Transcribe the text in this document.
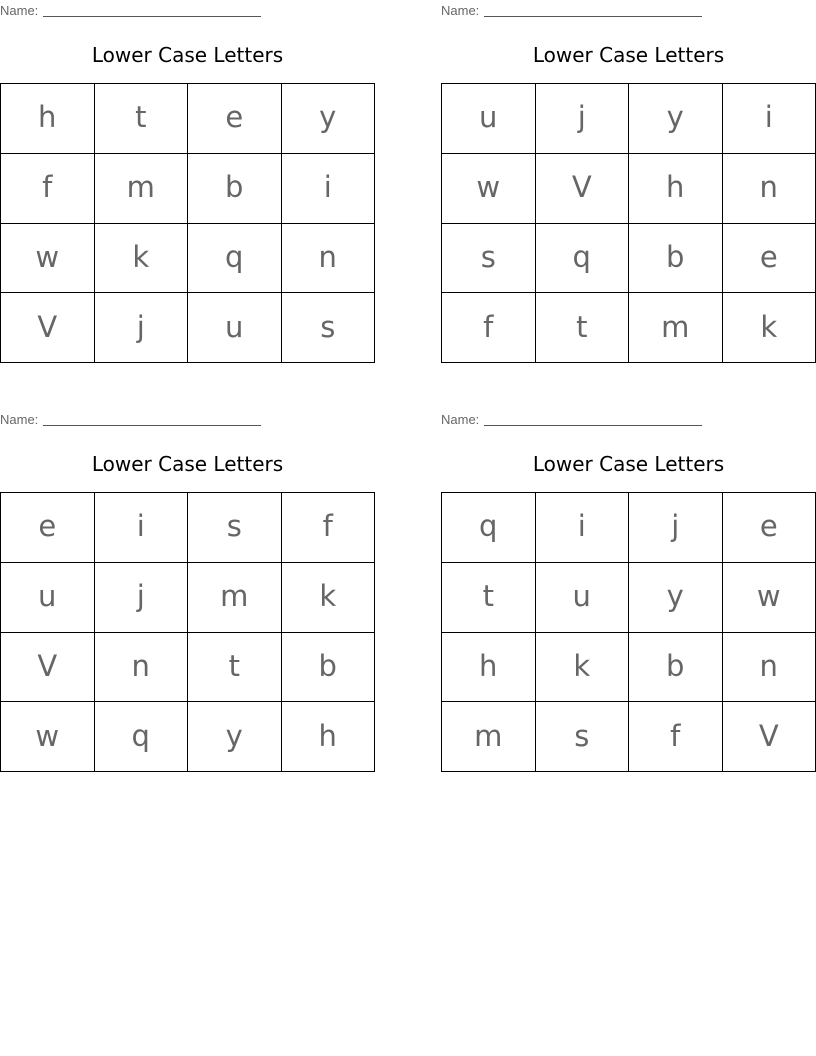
Name:
Lower Case Letters
h	t	e	y
f	m	b	i
w	k	q	n
V	j	u	s
Name:
Lower Case Letters
u	j	y	i
w	V	h	n
s	q	b	e
f	t	m	k
Name:
Lower Case Letters
e	i	s	f
u	j	m	k
V	n	t	b
w	q	y	h
Name:
Lower Case Letters
q	i	j	e
t	u	y	w
h	k	b	n
m	s	f	V
